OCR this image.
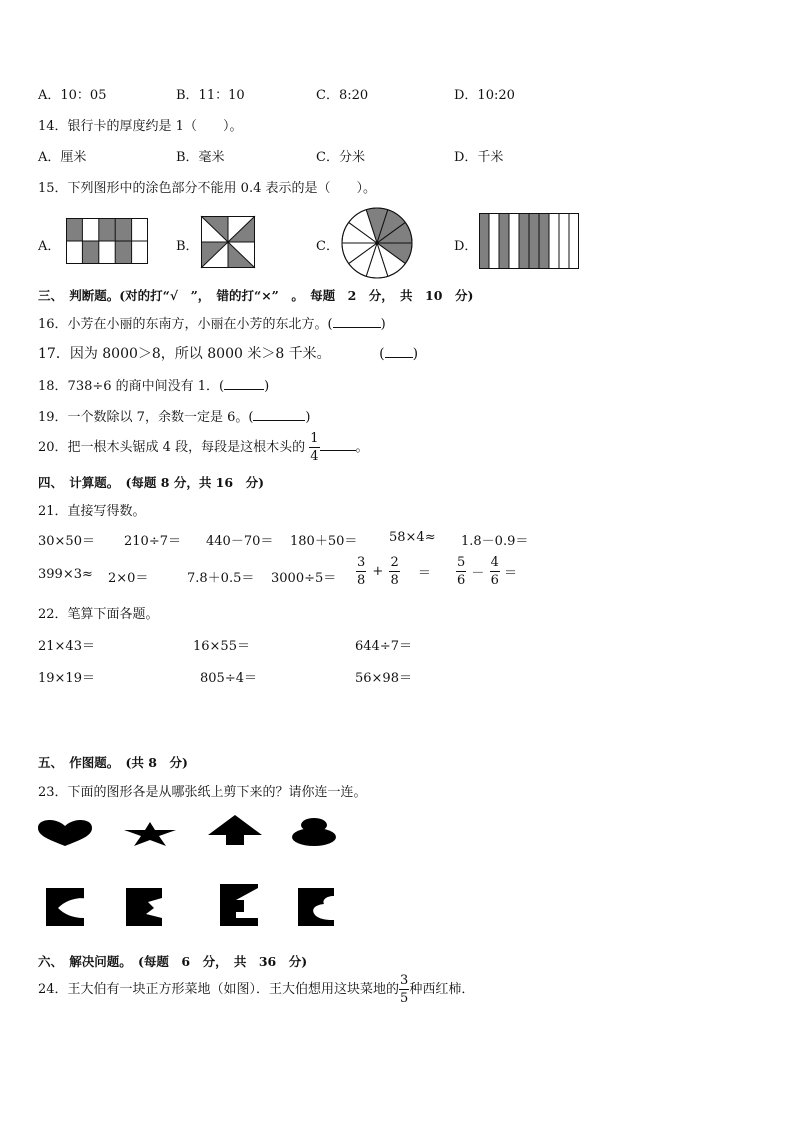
A．10：05	B．11：10	C．8:20	D．10:20
14．银行卡的厚度约是 1（　　）。
A．厘米	B．毫米	C．分米	D．千米
15．下列图形中的涂色部分不能用 0.4 表示的是（　　）。
A．	B．	C．	D．
三、　判断题。(对的打“√　”，　错的打“×”　。　每题　2　分，　共　10　分)
16．小芳在小丽的东南方，小丽在小芳的东北方。(	)
17．因为 8000＞8，所以 8000 米＞8 千米。	( )
18．738÷6 的商中间没有 1．(	)
19．一个数除以 7，余数一定是 6。(	)
20．把一根木头锯成 4 段，每段是这根木头的 $\frac{1}{4}$	。
四、　计算题。　(每题 8 分，共 16　分)
21．直接写得数。
30×50＝ 210÷7＝ 440－70＝ 180＋50＝ 58×4≈ 1.8－0.9＝
399×3≈ 2×0＝	$7.8+0.5= 3000\div 5= \frac{3}{8} + \frac{2}{8} = \frac{5}{6} - \frac{4}{6}$ ＝
22．笔算下面各题。
21×43＝	16×55＝	644÷7＝
19×19＝	805÷4＝	56×98＝
五、　作图题。　(共 8　分)
23．下面的图形各是从哪张纸上剪下来的？请你连一连。
六、　解决问题。　(每题　6　分，　共　36　分)
24．王大伯有一块正方形菜地（如图）．王大伯想用这块菜地的 $\frac{3}{5}$ 种西红柿．
